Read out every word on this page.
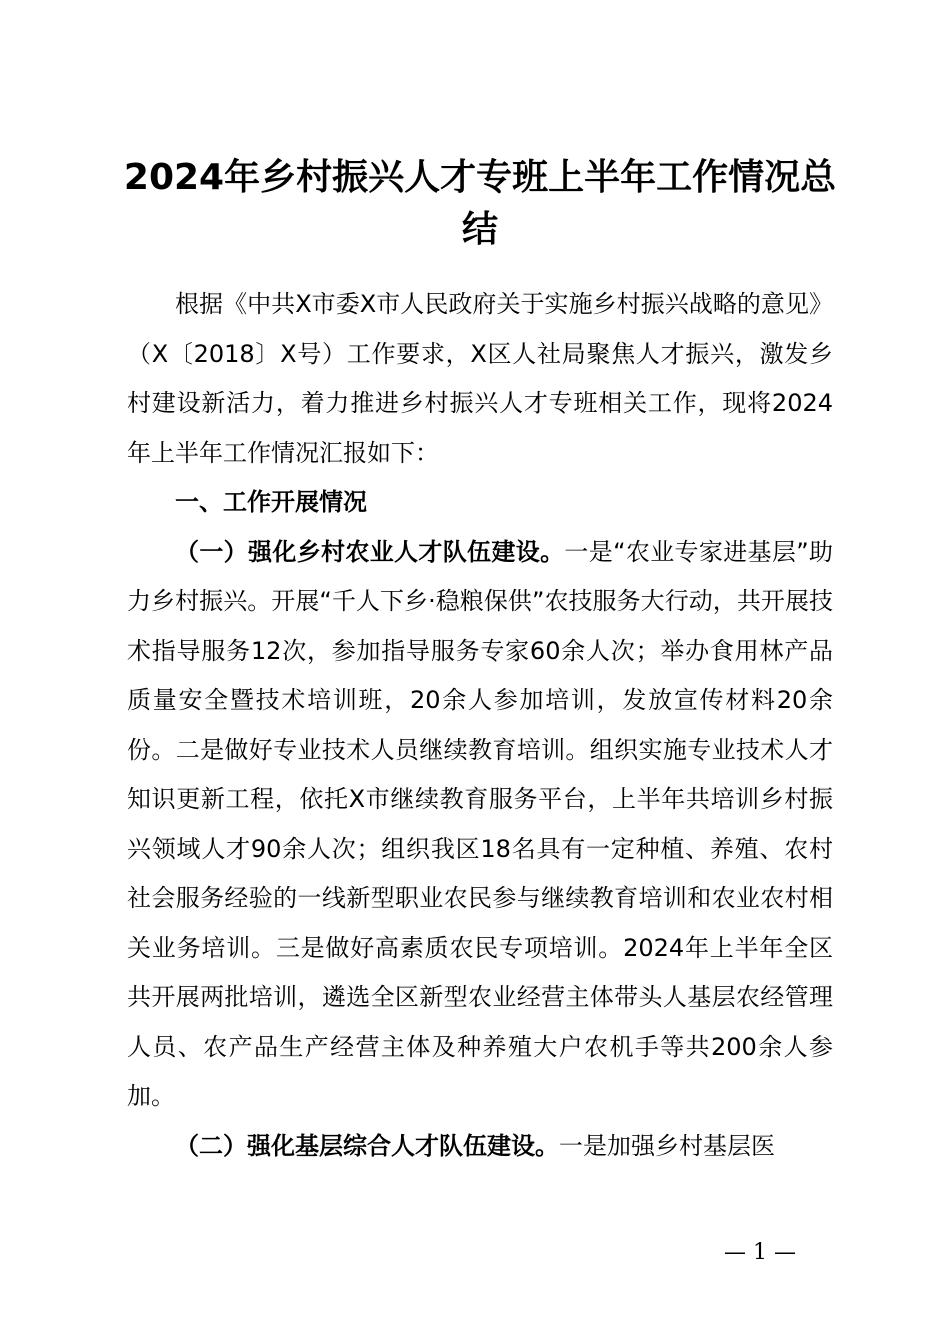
2024年乡村振兴人才专班上半年工作情况总结

根据《中共X市委X市人民政府关于实施乡村振兴战略的意见》（X〔2018〕X号）工作要求，X区人社局聚焦人才振兴，激发乡村建设新活力，着力推进乡村振兴人才专班相关工作，现将2024年上半年工作情况汇报如下：

一、工作开展情况

（一）强化乡村农业人才队伍建设。一是“农业专家进基层”助力乡村振兴。开展“千人下乡·稳粮保供”农技服务大行动，共开展技术指导服务12次，参加指导服务专家60余人次；举办食用林产品质量安全暨技术培训班，20余人参加培训，发放宣传材料20余份。二是做好专业技术人员继续教育培训。组织实施专业技术人才知识更新工程，依托X市继续教育服务平台，上半年共培训乡村振兴领域人才90余人次；组织我区18名具有一定种植、养殖、农村社会服务经验的一线新型职业农民参与继续教育培训和农业农村相关业务培训。三是做好高素质农民专项培训。2024年上半年全区共开展两批培训，遴选全区新型农业经营主体带头人基层农经管理人员、农产品生产经营主体及种养殖大户农机手等共200余人参加。

（二）强化基层综合人才队伍建设。一是加强乡村基层医

— 1 —
